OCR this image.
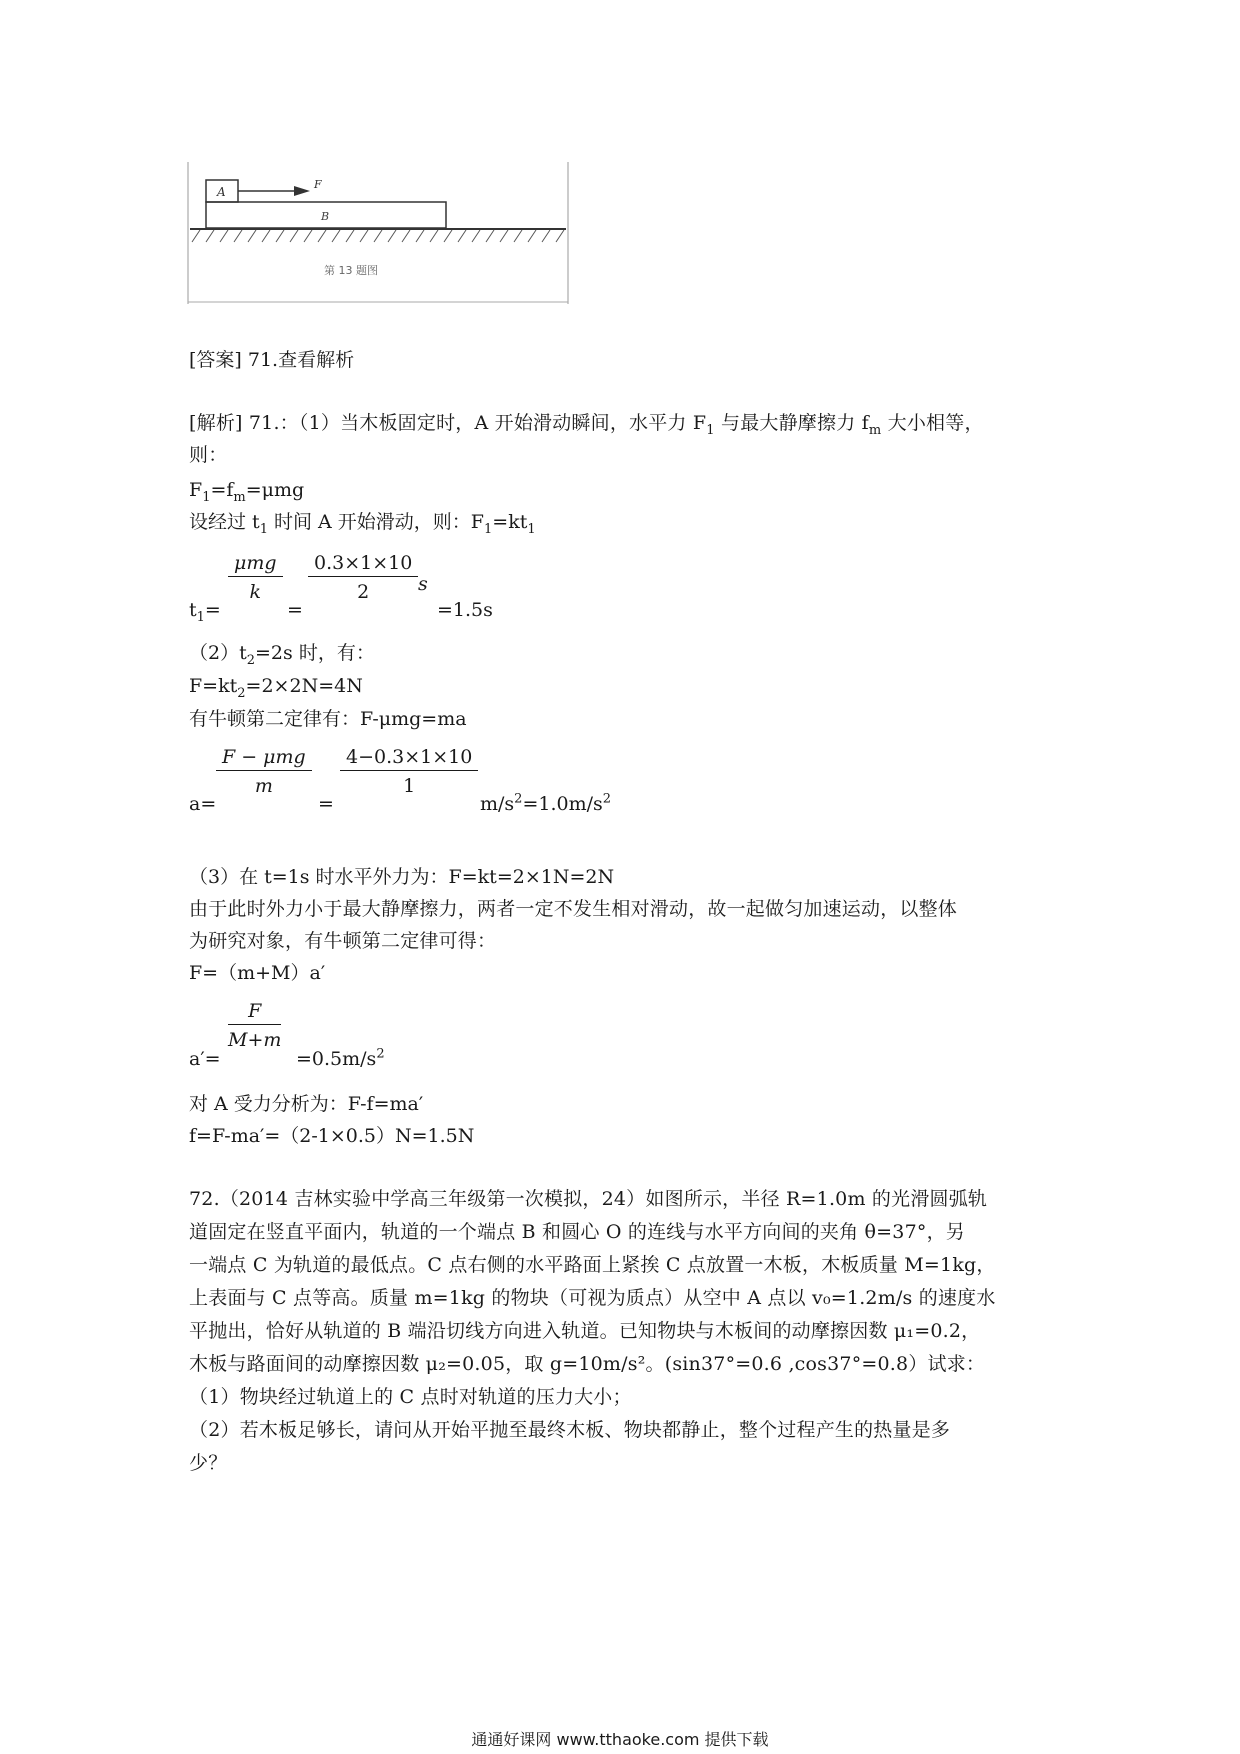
A
F
B
第 13 题图
[答案] 71.查看解析
[解析] 71.：（1）当木板固定时，A 开始滑动瞬间，水平力 $F_1$ 与最大静摩擦力 $f_m$ 大小相等，
则：
$F_1=f_m=\mu mg$
设经过 $t_1$ 时间 A 开始滑动，则：$F_1=kt_1$
$t_1=$
μmg
k
=
$\frac{0.3\times 1\times 10}{2}$ s
=1.5s
$(2)t_2=2s$ 时，有：
$F=kt_2=2\times 2N=4N$
有牛顿第二定律有：F-μmg=ma
a=
F − μmg
m
=
$\frac{4-0.3\times 1\times 10}{1}$
$m/s^2=1.0m/s^2$
（3）在 t=1s 时水平外力为：F=kt=2×1N=2N
由于此时外力小于最大静摩擦力，两者一定不发生相对滑动，故一起做匀加速运动，以整体
为研究对象，有牛顿第二定律可得：
F=（m+M）a′
a′=
$\frac{F}{M+m}$
$=0.5m/s^2$
对 A 受力分析为：F-f=ma′
f=F-ma′=（2-1×0.5）N=1.5N
72.（2014 吉林实验中学高三年级第一次模拟，24）如图所示，半径 R=1.0m 的光滑圆弧轨
道固定在竖直平面内，轨道的一个端点 B 和圆心 O 的连线与水平方向间的夹角 θ=37°，另
一端点 C 为轨道的最低点。C 点右侧的水平路面上紧挨 C 点放置一木板，木板质量 M=1kg，
上表面与 C 点等高。质量 m=1kg 的物块（可视为质点）从空中 A 点以 v₀=1.2m/s 的速度水
平抛出，恰好从轨道的 B 端沿切线方向进入轨道。已知物块与木板间的动摩擦因数 μ₁=0.2，
木板与路面间的动摩擦因数 μ₂=0.05，取 g=10m/s²。(sin37°=0.6 ,cos37°=0.8）试求：
（1）物块经过轨道上的 C 点时对轨道的压力大小；
（2）若木板足够长，请问从开始平抛至最终木板、物块都静止，整个过程产生的热量是多
少？
通通好课网 www.tthaoke.com 提供下载
